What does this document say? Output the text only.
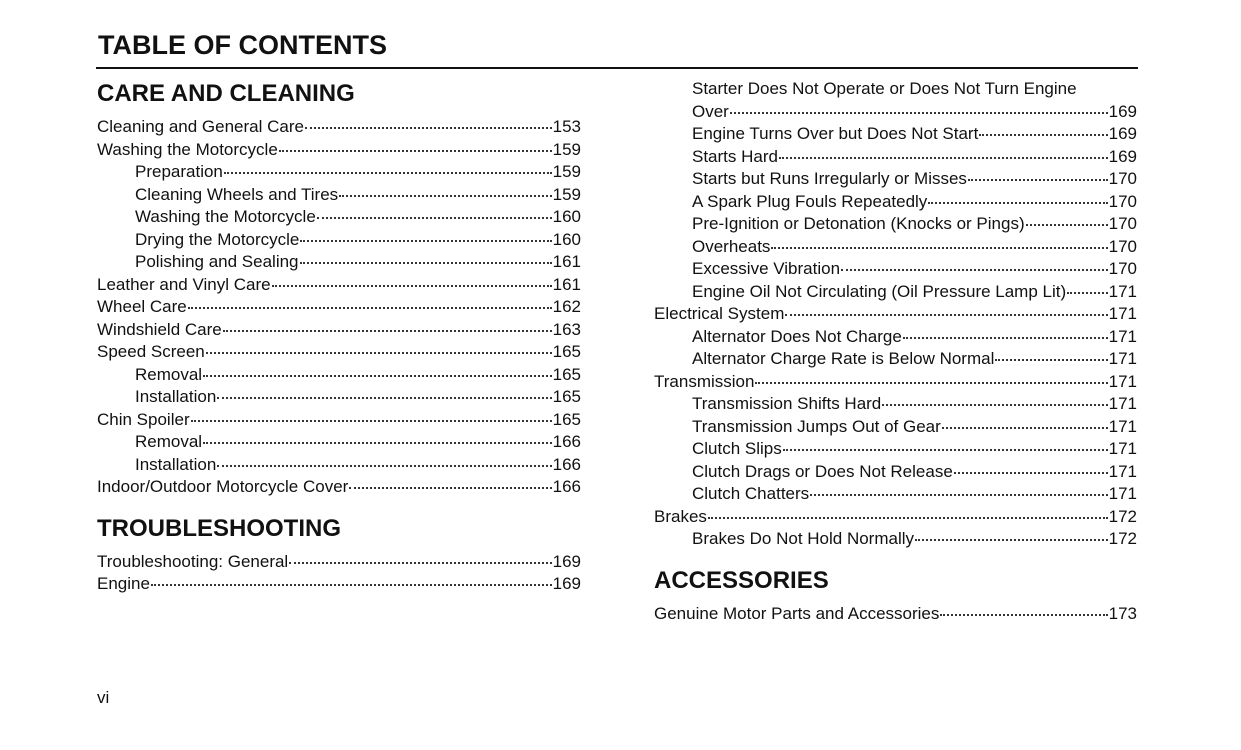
TABLE OF CONTENTS
CARE AND CLEANING
Cleaning and General Care	153
Washing the Motorcycle	159
Preparation	159
Cleaning Wheels and Tires	159
Washing the Motorcycle	160
Drying the Motorcycle	160
Polishing and Sealing	161
Leather and Vinyl Care	161
Wheel Care	162
Windshield Care	163
Speed Screen	165
Removal	165
Installation	165
Chin Spoiler	165
Removal	166
Installation	166
Indoor/Outdoor Motorcycle Cover	166
TROUBLESHOOTING
Troubleshooting: General	169
Engine	169
Starter Does Not Operate or Does Not Turn Engine
Over	169
Engine Turns Over but Does Not Start	169
Starts Hard	169
Starts but Runs Irregularly or Misses	170
A Spark Plug Fouls Repeatedly	170
Pre-Ignition or Detonation (Knocks or Pings)	170
Overheats	170
Excessive Vibration	170
Engine Oil Not Circulating (Oil Pressure Lamp Lit) 171
Electrical System	171
Alternator Does Not Charge	171
Alternator Charge Rate is Below Normal	171
Transmission	171
Transmission Shifts Hard	171
Transmission Jumps Out of Gear	171
Clutch Slips	171
Clutch Drags or Does Not Release	171
Clutch Chatters	171
Brakes	172
Brakes Do Not Hold Normally	172
ACCESSORIES
Genuine Motor Parts and Accessories	173
vi
